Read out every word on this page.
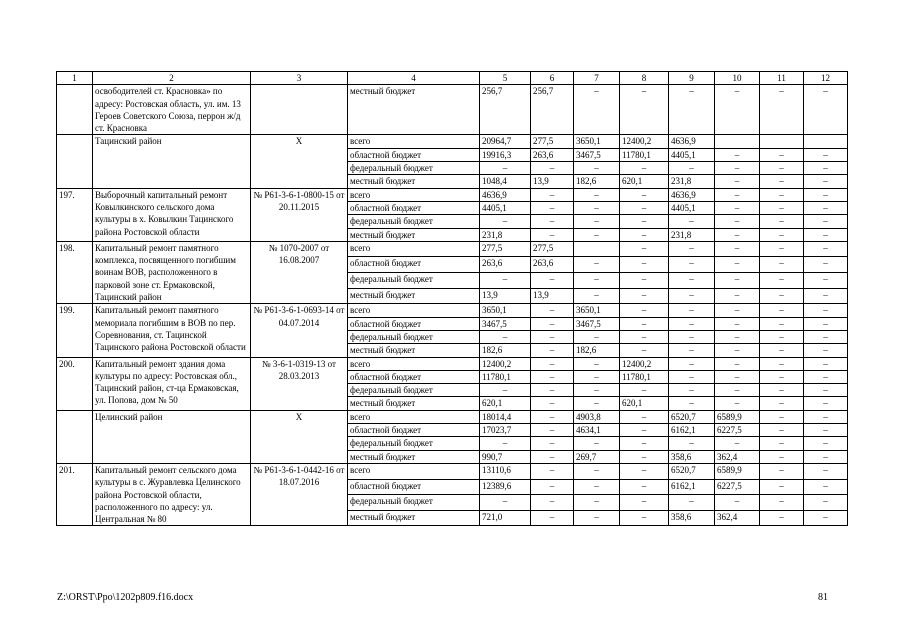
1	2	3	4	5	6	7	8	9	10	11	12
	освободителей ст. Красновка» по адресу: Ростовская область, ул. им. 13 Героев Советского Союза, перрон ж/д ст. Красновка		местный бюджет	256,7	256,7	–	–	–	–	–	–
	Тацинский район	Х	всего	20964,7	277,5	3650,1	12400,2	4636,9			
			областной бюджет	19916,3	263,6	3467,5	11780,1	4405,1	–	–	–
			федеральный бюджет	–	–	–	–	–	–	–	–
			местный бюджет	1048,4	13,9	182,6	620,1	231,8	–	–	–
197.	Выборочный капитальный ремонт Ковылкинского сельского дома культуры в х. Ковылкин Тацинского района Ростовской области	№ Р61-3-6-1-0800-15 от 20.11.2015	всего	4636,9	–	–	–	4636,9	–	–	–
			областной бюджет	4405,1	–	–	–	4405,1	–	–	–
			федеральный бюджет	–	–	–	–	–	–	–	–
			местный бюджет	231,8	–	–	–	231,8	–	–	–
198.	Капитальный ремонт памятного комплекса, посвященного погибшим воинам ВОВ, расположенного в парковой зоне ст. Ермаковской, Тацинский район	№ 1070-2007 от 16.08.2007	всего	277,5	277,5		–	–	–	–	–
			областной бюджет	263,6	263,6	–	–	–	–	–	–
			федеральный бюджет	–	–	–	–	–	–	–	–
			местный бюджет	13,9	13,9	–	–	–	–	–	–
199.	Капитальный ремонт памятного мемориала погибшим в ВОВ по пер. Соревнования, ст. Тацинской Тацинского района Ростовской области	№ Р61-3-6-1-0693-14 от 04.07.2014	всего	3650,1	–	3650,1	–	–	–	–	–
			областной бюджет	3467,5	–	3467,5	–	–	–	–	–
			федеральный бюджет	–	–	–	–	–	–	–	–
			местный бюджет	182,6	–	182,6	–	–	–	–	–
200.	Капитальный ремонт здания дома культуры по адресу: Ростовская обл., Тацинский район, ст-ца Ермаковская, ул. Попова, дом № 50	№ 3-6-1-0319-13 от 28.03.2013	всего	12400,2	–	–	12400,2	–	–	–	–
			областной бюджет	11780,1	–	–	11780,1	–	–	–	–
			федеральный бюджет	–	–	–	–	–	–	–	–
			местный бюджет	620,1	–	–	620,1	–	–	–	–
	Целинский район	Х	всего	18014,4	–	4903,8	–	6520,7	6589,9	–	–
			областной бюджет	17023,7	–	4634,1	–	6162,1	6227,5	–	–
			федеральный бюджет	–	–	–	–	–	–	–	–
			местный бюджет	990,7	–	269,7	–	358,6	362,4	–	–
201.	Капитальный ремонт сельского дома культуры в с. Журавлевка Целинского района Ростовской области, расположенного по адресу: ул. Центральная № 80	№ Р61-3-6-1-0442-16 от 18.07.2016	всего	13110,6	–	–	–	6520,7	6589,9	–	–
			областной бюджет	12389,6	–	–	–	6162,1	6227,5	–	–
			федеральный бюджет	–	–	–	–	–	–	–	–
			местный бюджет	721,0	–	–	–	358,6	362,4	–	–
Z:\ORST\Ppo\1202p809.f16.docx	81
